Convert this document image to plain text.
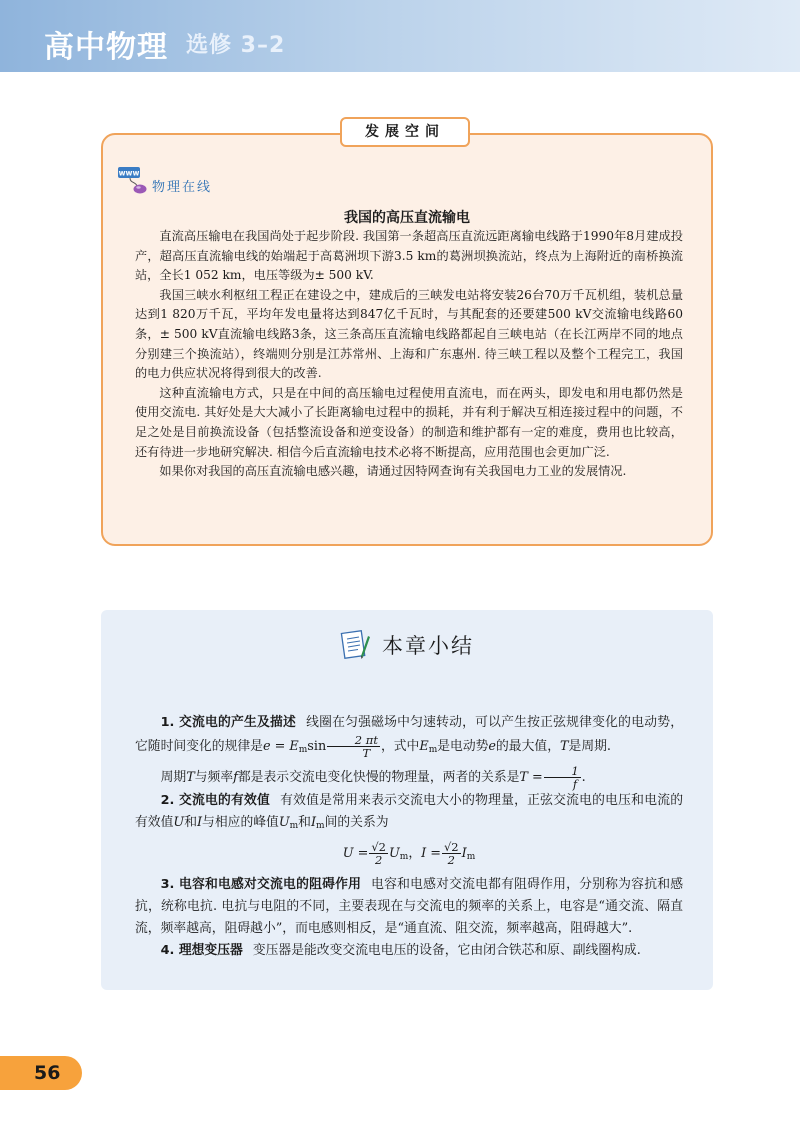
高中物理 选修 3–2
发展空间
www
物理在线
我国的高压直流输电

直流高压输电在我国尚处于起步阶段. 我国第一条超高压直流远距离输电线路于1990年8月建成投产，超高压直流输电线的始端起于高葛洲坝下游3.5 km的葛洲坝换流站，终点为上海附近的南桥换流站，全长1 052 km，电压等级为± 500 kV.

我国三峡水利枢纽工程正在建设之中，建成后的三峡发电站将安装26台70万千瓦机组，装机总量达到1 820万千瓦，平均年发电量将达到847亿千瓦时，与其配套的还要建500 kV交流输电线路60条，± 500 kV直流输电线路3条，这三条高压直流输电线路都起自三峡电站（在长江两岸不同的地点分别建三个换流站），终端则分别是江苏常州、上海和广东惠州. 待三峡工程以及整个工程完工，我国的电力供应状况将得到很大的改善.

这种直流输电方式，只是在中间的高压输电过程使用直流电，而在两头，即发电和用电都仍然是使用交流电. 其好处是大大减小了长距离输电过程中的损耗，并有利于解决互相连接过程中的问题，不足之处是目前换流设备（包括整流设备和逆变设备）的制造和维护都有一定的难度，费用也比较高，还有待进一步地研究解决. 相信今后直流输电技术必将不断提高，应用范围也会更加广泛.

如果你对我国的高压直流输电感兴趣，请通过因特网查询有关我国电力工业的发展情况.

本章小结

1. 交流电的产生及描述 线圈在匀强磁场中匀速转动，可以产生按正弦规律变化的电动势，它随时间变化的规律是$e = E_m\sin \frac{2 \pi t}{T}$ ，式中$E_m$是电动势e的最大值，T是周期.

周期T与频率f都是表示交流电变化快慢的物理量，两者的关系是$T = \frac{1}{f}$ .

2. 交流电的有效值 有效值是常用来表示交流电大小的物理量，正弦交流电的电压和电流的有效值U和I与相应的峰值$U_m$和$I_m$间的关系为

$U = \frac{√2}{2} U_m$，$I = \frac{√2}{2} I_m$

3. 电容和电感对交流电的阻碍作用 电容和电感对交流电都有阻碍作用，分别称为容抗和感抗，统称电抗. 电抗与电阻的不同，主要表现在与交流电的频率的关系上，电容是“通交流、隔直流，频率越高，阻碍越小”，而电感则相反，是“通直流、阻交流，频率越高，阻碍越大”.

4. 理想变压器 变压器是能改变交流电电压的设备，它由闭合铁芯和原、副线圈构成.

56
